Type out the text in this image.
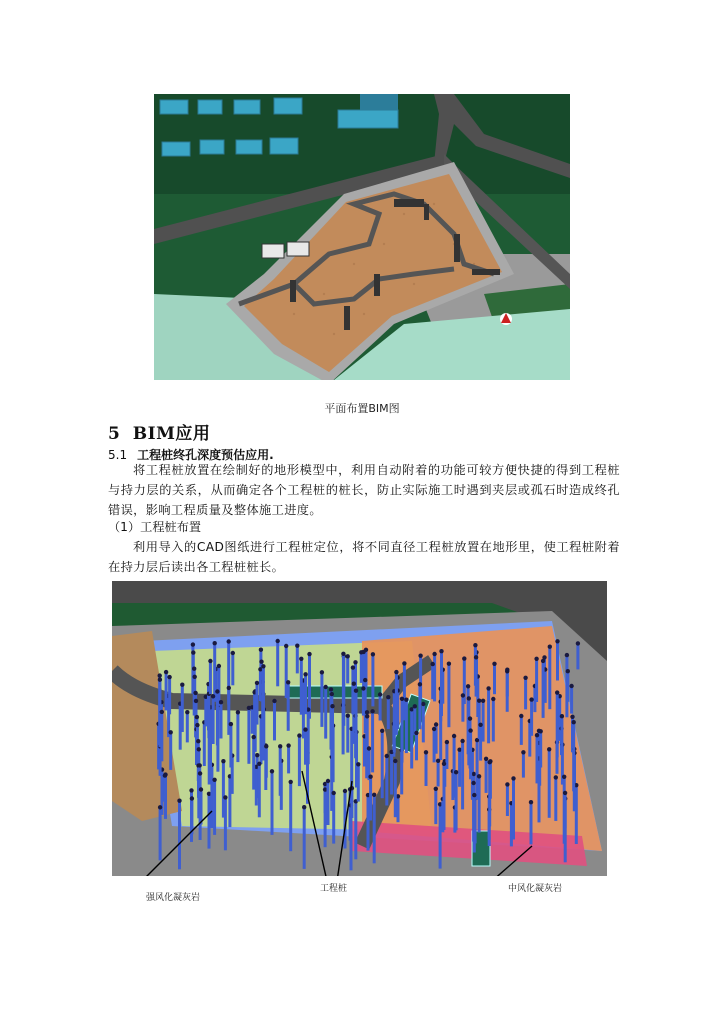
平面布置BIM图
5 BIM应用
5.1 工程桩终孔深度预估应用.
将工程桩放置在绘制好的地形模型中，利用自动附着的功能可较方便快捷的得到工程桩与持力层的关系，从而确定各个工程桩的桩长，防止实际施工时遇到夹层或孤石时造成终孔错误，影响工程质量及整体施工进度。
（1）工程桩布置
利用导入的CAD图纸进行工程桩定位，将不同直径工程桩放置在地形里，使工程桩附着在持力层后读出各工程桩桩长。
强风化凝灰岩
工程桩	中风化凝灰岩
